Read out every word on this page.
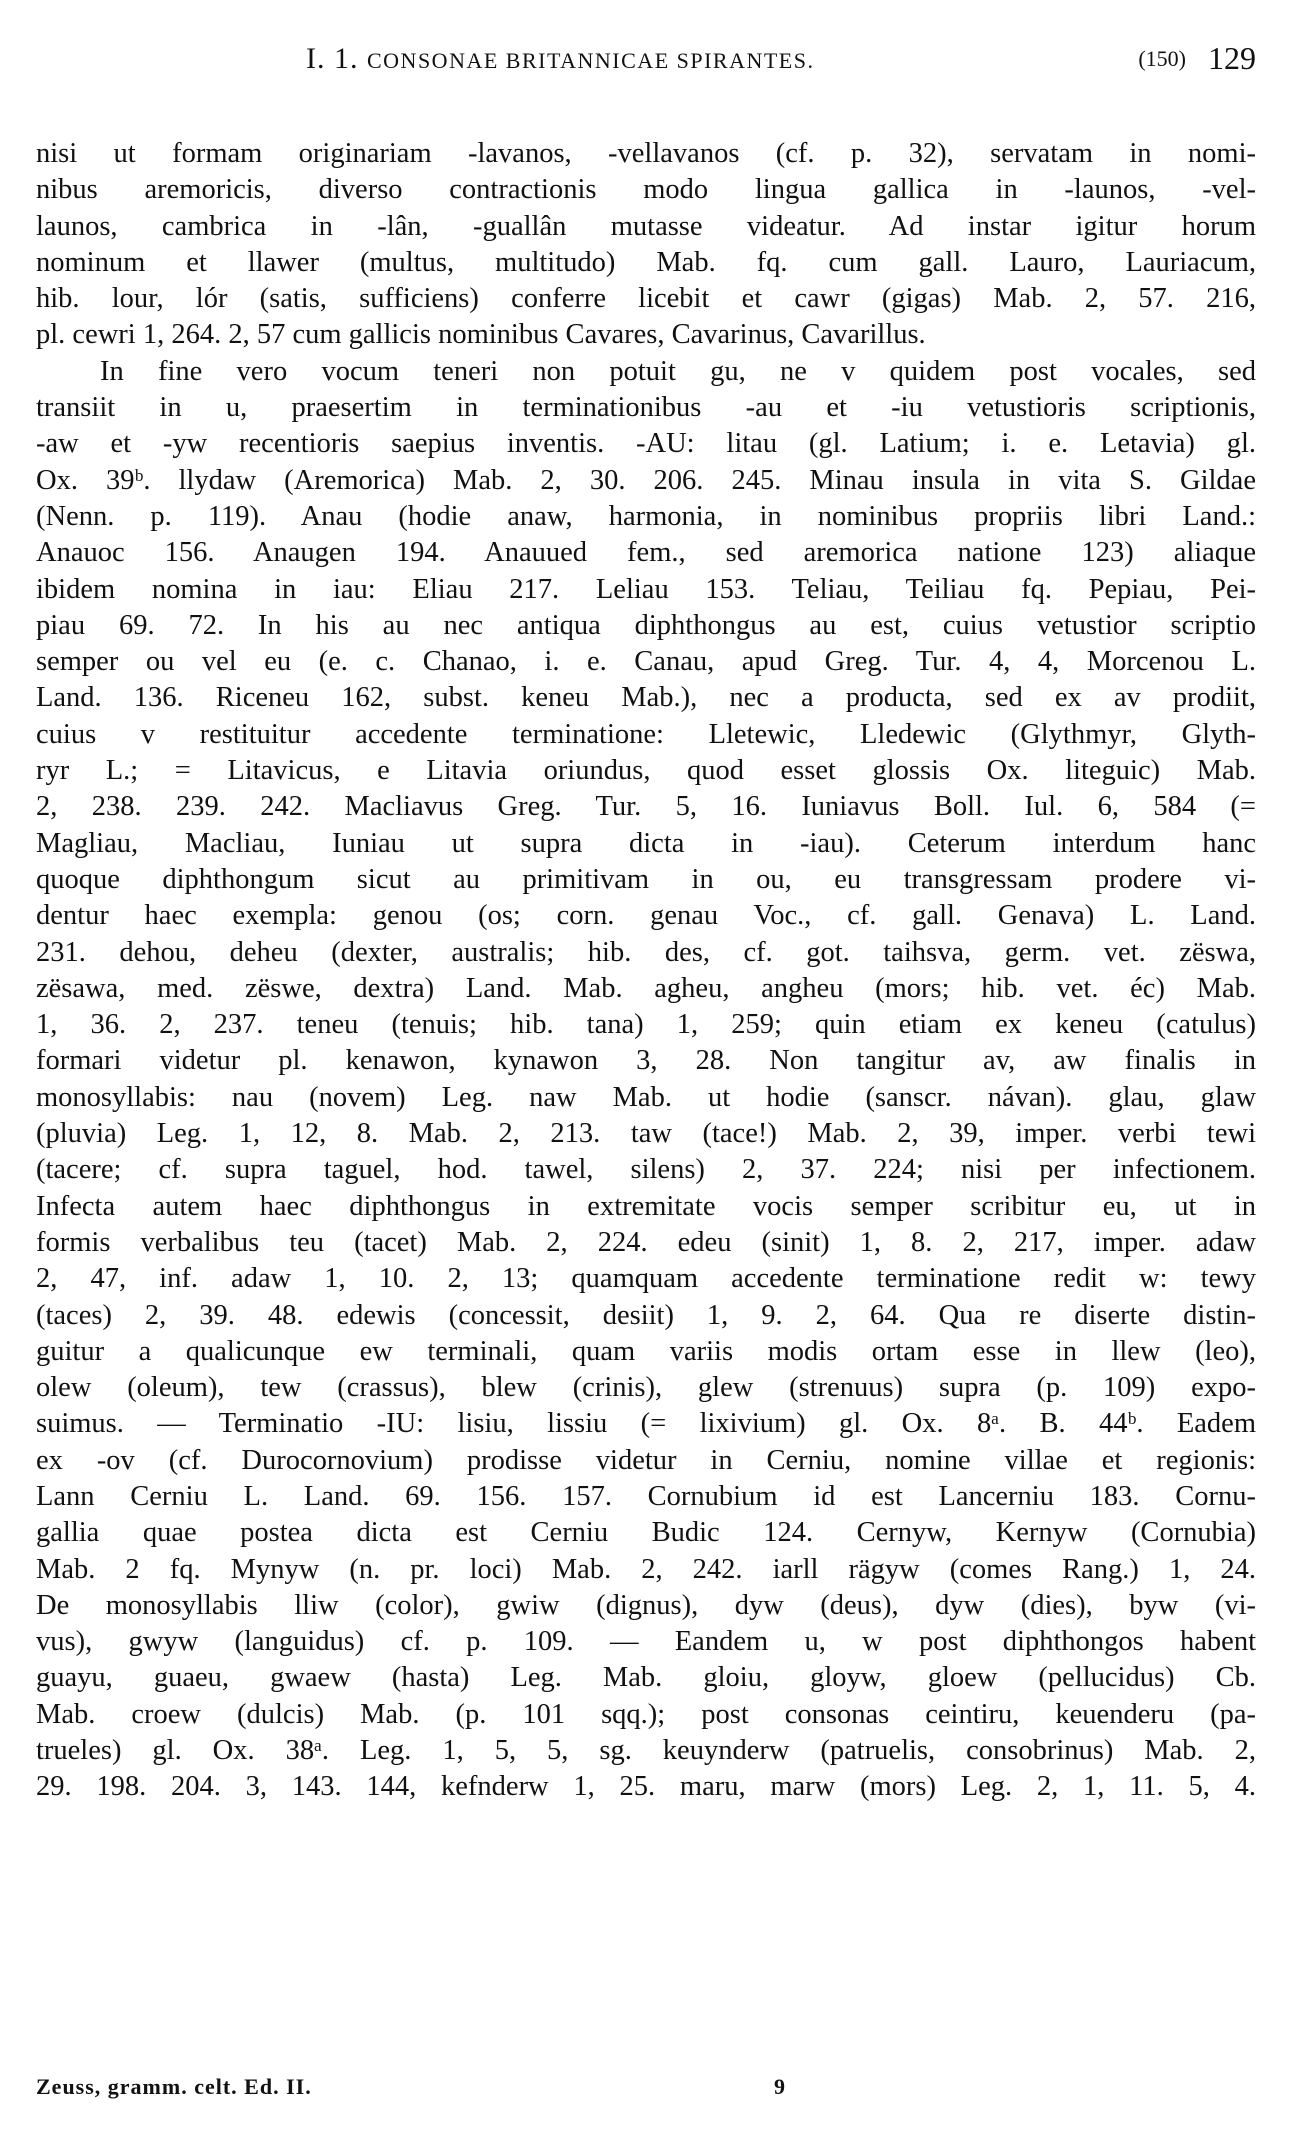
I. 1. CONSONAE BRITANNICAE SPIRANTES.	(150) 129
nisi ut formam originariam -lavanos, -vellavanos (cf. p. 32), servatam in nomi-
nibus aremoricis, diverso contractionis modo lingua gallica in -launos, -vel-
launos, cambrica in -lân, -guallân mutasse videatur. Ad instar igitur horum
nominum et llawer (multus, multitudo) Mab. fq. cum gall. Lauro, Lauriacum,
hib. lour, lór (satis, sufficiens) conferre licebit et cawr (gigas) Mab. 2, 57. 216,
pl. cewri 1, 264. 2, 57 cum gallicis nominibus Cavares, Cavarinus, Cavarillus.
In fine vero vocum teneri non potuit gu, ne v quidem post vocales, sed
transiit in u, praesertim in terminationibus -au et -iu vetustioris scriptionis,
-aw et -yw recentioris saepius inventis. -AU: litau (gl. Latium; i. e. Letavia) gl.
Ox. 39ᵇ. llydaw (Aremorica) Mab. 2, 30. 206. 245. Minau insula in vita S. Gildae
(Nenn. p. 119). Anau (hodie anaw, harmonia, in nominibus propriis libri Land.:
Anauoc 156. Anaugen 194. Anauued fem., sed aremorica natione 123) aliaque
ibidem nomina in iau: Eliau 217. Leliau 153. Teliau, Teiliau fq. Pepiau, Pei-
piau 69. 72. In his au nec antiqua diphthongus au est, cuius vetustior scriptio
semper ou vel eu (e. c. Chanao, i. e. Canau, apud Greg. Tur. 4, 4, Morcenou L.
Land. 136. Riceneu 162, subst. keneu Mab.), nec a producta, sed ex av prodiit,
cuius v restituitur accedente terminatione: Lletewic, Lledewic (Glythmyr, Glyth-
ryr L.; = Litavicus, e Litavia oriundus, quod esset glossis Ox. liteguic) Mab.
2, 238. 239. 242. Macliavus Greg. Tur. 5, 16. Iuniavus Boll. Iul. 6, 584 (=
Magliau, Macliau, Iuniau ut supra dicta in -iau). Ceterum interdum hanc
quoque diphthongum sicut au primitivam in ou, eu transgressam prodere vi-
dentur haec exempla: genou (os; corn. genau Voc., cf. gall. Genava) L. Land.
231. dehou, deheu (dexter, australis; hib. des, cf. got. taihsva, germ. vet. zëswa,
zësawa, med. zëswe, dextra) Land. Mab. agheu, angheu (mors; hib. vet. éc) Mab.
1, 36. 2, 237. teneu (tenuis; hib. tana) 1, 259; quin etiam ex keneu (catulus)
formari videtur pl. kenawon, kynawon 3, 28. Non tangitur av, aw finalis in
monosyllabis: nau (novem) Leg. naw Mab. ut hodie (sanscr. návan). glau, glaw
(pluvia) Leg. 1, 12, 8. Mab. 2, 213. taw (tace!) Mab. 2, 39, imper. verbi tewi
(tacere; cf. supra taguel, hod. tawel, silens) 2, 37. 224; nisi per infectionem.
Infecta autem haec diphthongus in extremitate vocis semper scribitur eu, ut in
formis verbalibus teu (tacet) Mab. 2, 224. edeu (sinit) 1, 8. 2, 217, imper. adaw
2, 47, inf. adaw 1, 10. 2, 13; quamquam accedente terminatione redit w: tewy
(taces) 2, 39. 48. edewis (concessit, desiit) 1, 9. 2, 64. Qua re diserte distin-
guitur a qualicunque ew terminali, quam variis modis ortam esse in llew (leo),
olew (oleum), tew (crassus), blew (crinis), glew (strenuus) supra (p. 109) expo-
suimus. — Terminatio -IU: lisiu, lissiu (= lixivium) gl. Ox. 8ᵃ. B. 44ᵇ. Eadem
ex -ov (cf. Durocornovium) prodisse videtur in Cerniu, nomine villae et regionis:
Lann Cerniu L. Land. 69. 156. 157. Cornubium id est Lancerniu 183. Cornu-
gallia quae postea dicta est Cerniu Budic 124. Cernyw, Kernyw (Cornubia)
Mab. 2 fq. Mynyw (n. pr. loci) Mab. 2, 242. iarll rägyw (comes Rang.) 1, 24.
De monosyllabis lliw (color), gwiw (dignus), dyw (deus), dyw (dies), byw (vi-
vus), gwyw (languidus) cf. p. 109. — Eandem u, w post diphthongos habent
guayu, guaeu, gwaew (hasta) Leg. Mab. gloiu, gloyw, gloew (pellucidus) Cb.
Mab. croew (dulcis) Mab. (p. 101 sqq.); post consonas ceintiru, keuenderu (pa-
trueles) gl. Ox. 38ᵃ. Leg. 1, 5, 5, sg. keuynderw (patruelis, consobrinus) Mab. 2,
29. 198. 204. 3, 143. 144, kefnderw 1, 25. maru, marw (mors) Leg. 2, 1, 11. 5, 4.
Zeuss, gramm. celt. Ed. II.	9
